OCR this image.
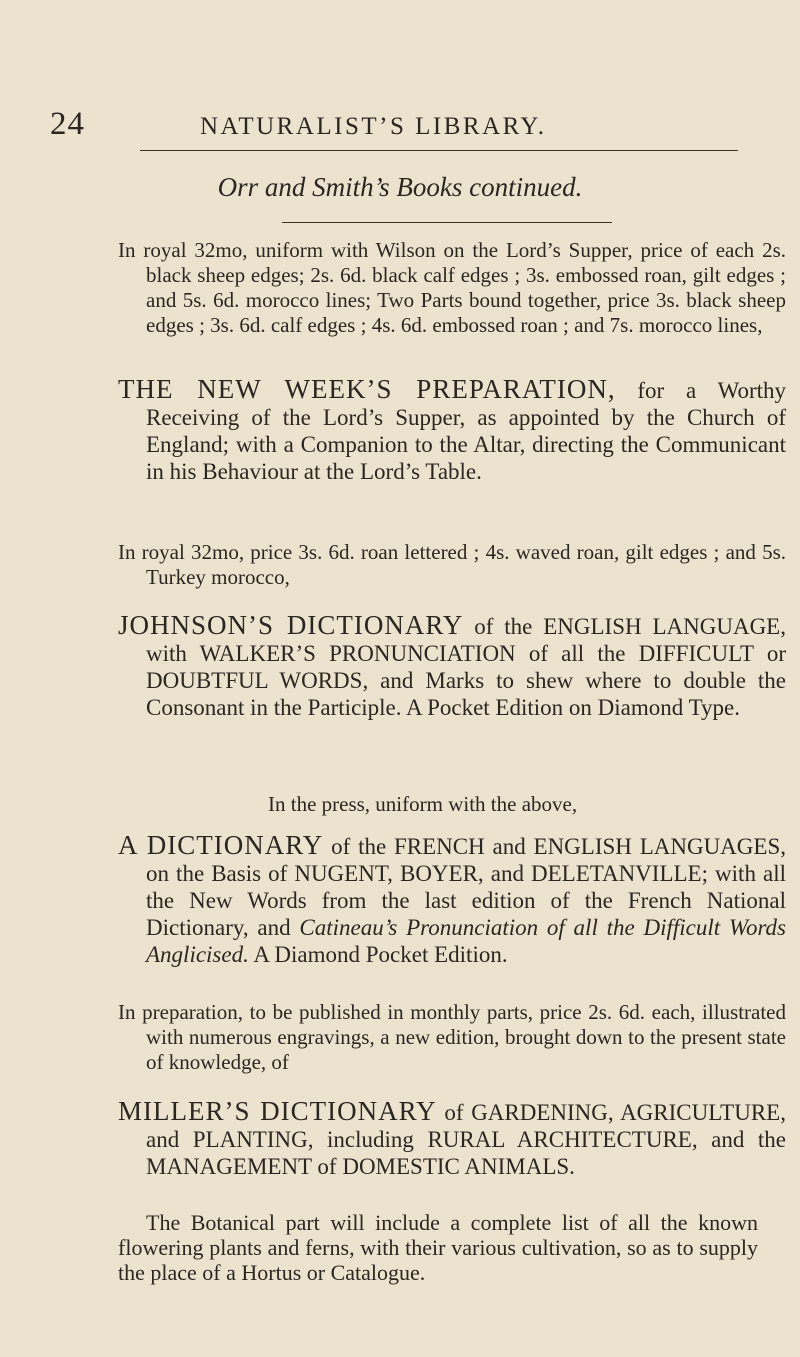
24	NATURALIST’S LIBRARY.
Orr and Smith’s Books continued.
In royal 32mo, uniform with Wilson on the Lord’s Supper, price of each 2s. black sheep edges; 2s. 6d. black calf edges ; 3s. embossed roan, gilt edges ; and 5s. 6d. morocco lines; Two Parts bound together, price 3s. black sheep edges ; 3s. 6d. calf edges ; 4s. 6d. embossed roan ; and 7s. morocco lines,
THE NEW WEEK’S PREPARATION, for a Worthy Receiving of the Lord’s Supper, as appointed by the Church of England; with a Companion to the Altar, directing the Communicant in his Behaviour at the Lord’s Table.
In royal 32mo, price 3s. 6d. roan lettered ; 4s. waved roan, gilt edges ; and 5s. Turkey morocco,
JOHNSON’S DICTIONARY of the ENGLISH LANGUAGE, with WALKER’S PRONUNCIATION of all the DIFFICULT or DOUBTFUL WORDS, and Marks to shew where to double the Consonant in the Participle. A Pocket Edition on Diamond Type.
In the press, uniform with the above,
A DICTIONARY of the FRENCH and ENGLISH LANGUAGES, on the Basis of NUGENT, BOYER, and DELETANVILLE; with all the New Words from the last edition of the French National Dictionary, and Catineau’s Pronunciation of all the Difficult Words Anglicised. A Diamond Pocket Edition.
In preparation, to be published in monthly parts, price 2s. 6d. each, illustrated with numerous engravings, a new edition, brought down to the present state of knowledge, of
MILLER’S DICTIONARY of GARDENING, AGRICULTURE, and PLANTING, including RURAL ARCHITECTURE, and the MANAGEMENT of DOMESTIC ANIMALS.
The Botanical part will include a complete list of all the known flowering plants and ferns, with their various cultivation, so as to supply the place of a Hortus or Catalogue.
